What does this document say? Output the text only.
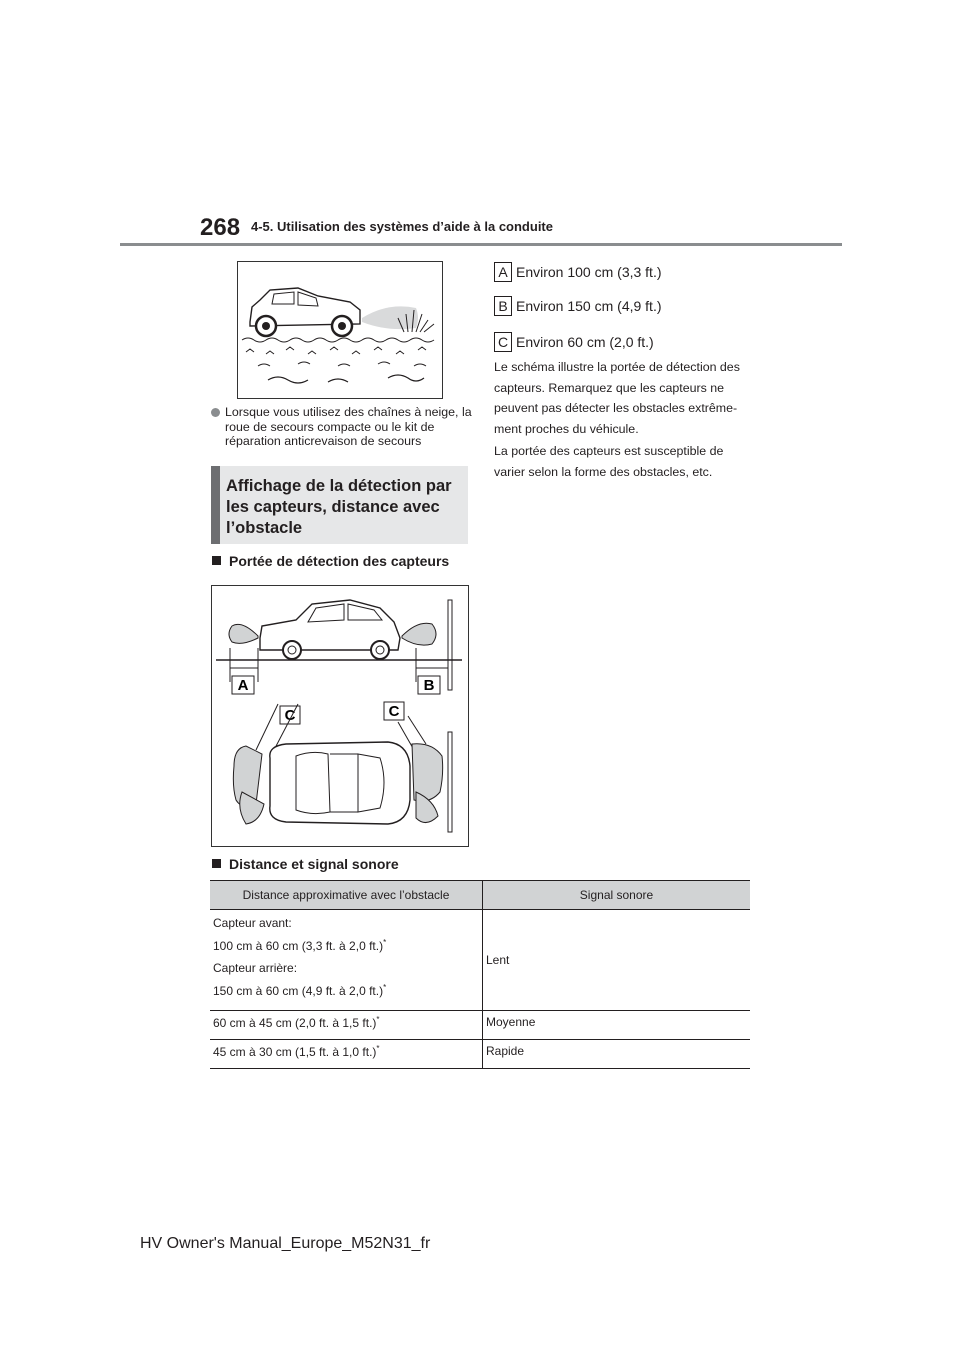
268 4-5. Utilisation des systèmes d’aide à la conduite
Lorsque vous utilisez des chaînes à neige, la roue de secours compacte ou le kit de réparation anticrevaison de secours
Affichage de la détection par les capteurs, distance avec l’obstacle
Portée de détection des capteurs
A	B
C	C
Distance et signal sonore
A Environ 100 cm (3,3 ft.)
B Environ 150 cm (4,9 ft.)
C Environ 60 cm (2,0 ft.)

Le schéma illustre la portée de détection des capteurs. Remarquez que les capteurs ne peuvent pas détecter les obstacles extrêmement proches du véhicule.

La portée des capteurs est susceptible de varier selon la forme des obstacles, etc.

Distance approximative avec l’obstacle	Signal sonore

Capteur avant:

100 cm à 60 cm (3,3 ft. à 2,0 ft.)*

Capteur arrière:

150 cm à 60 cm (4,9 ft. à 2,0 ft.)*	Lent
60 cm à 45 cm (2,0 ft. à 1,5 ft.)*	Moyenne
45 cm à 30 cm (1,5 ft. à 1,0 ft.)*	Rapide
HV Owner's Manual_Europe_M52N31_fr
